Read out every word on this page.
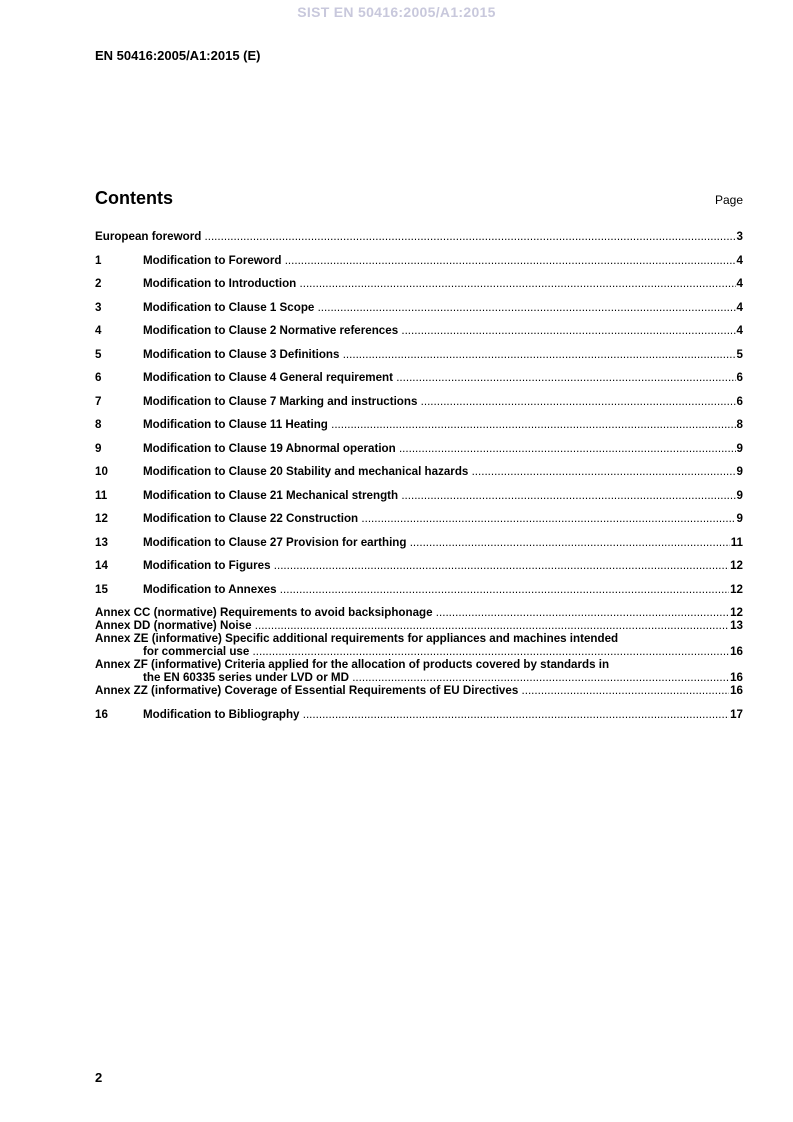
SIST EN 50416:2005/A1:2015
EN 50416:2005/A1:2015 (E)
Contents	Page
European foreword .....	3
1	Modification to Foreword .....	4
2	Modification to Introduction .....	4
3	Modification to Clause 1 Scope .....	4
4	Modification to Clause 2 Normative references .....	4
5	Modification to Clause 3 Definitions .....	5
6	Modification to Clause 4 General requirement .....	6
7	Modification to Clause 7 Marking and instructions .....	6
8	Modification to Clause 11 Heating .....	8
9	Modification to Clause 19 Abnormal operation .....	9
10	Modification to Clause 20 Stability and mechanical hazards .....	9
11	Modification to Clause 21 Mechanical strength .....	9
12	Modification to Clause 22 Construction .....	9
13	Modification to Clause 27 Provision for earthing .....	11
14	Modification to Figures .....	12
15	Modification to Annexes .....	12
Annex CC (normative) Requirements to avoid backsiphonage .....	12
Annex DD (normative) Noise .....	13
Annex ZE (informative) Specific additional requirements for appliances and machines intended
for commercial use .....	16
Annex ZF (informative) Criteria applied for the allocation of products covered by standards in
the EN 60335 series under LVD or MD .....	16
Annex ZZ (informative) Coverage of Essential Requirements of EU Directives .....	16
16	Modification to Bibliography .....	17
2
